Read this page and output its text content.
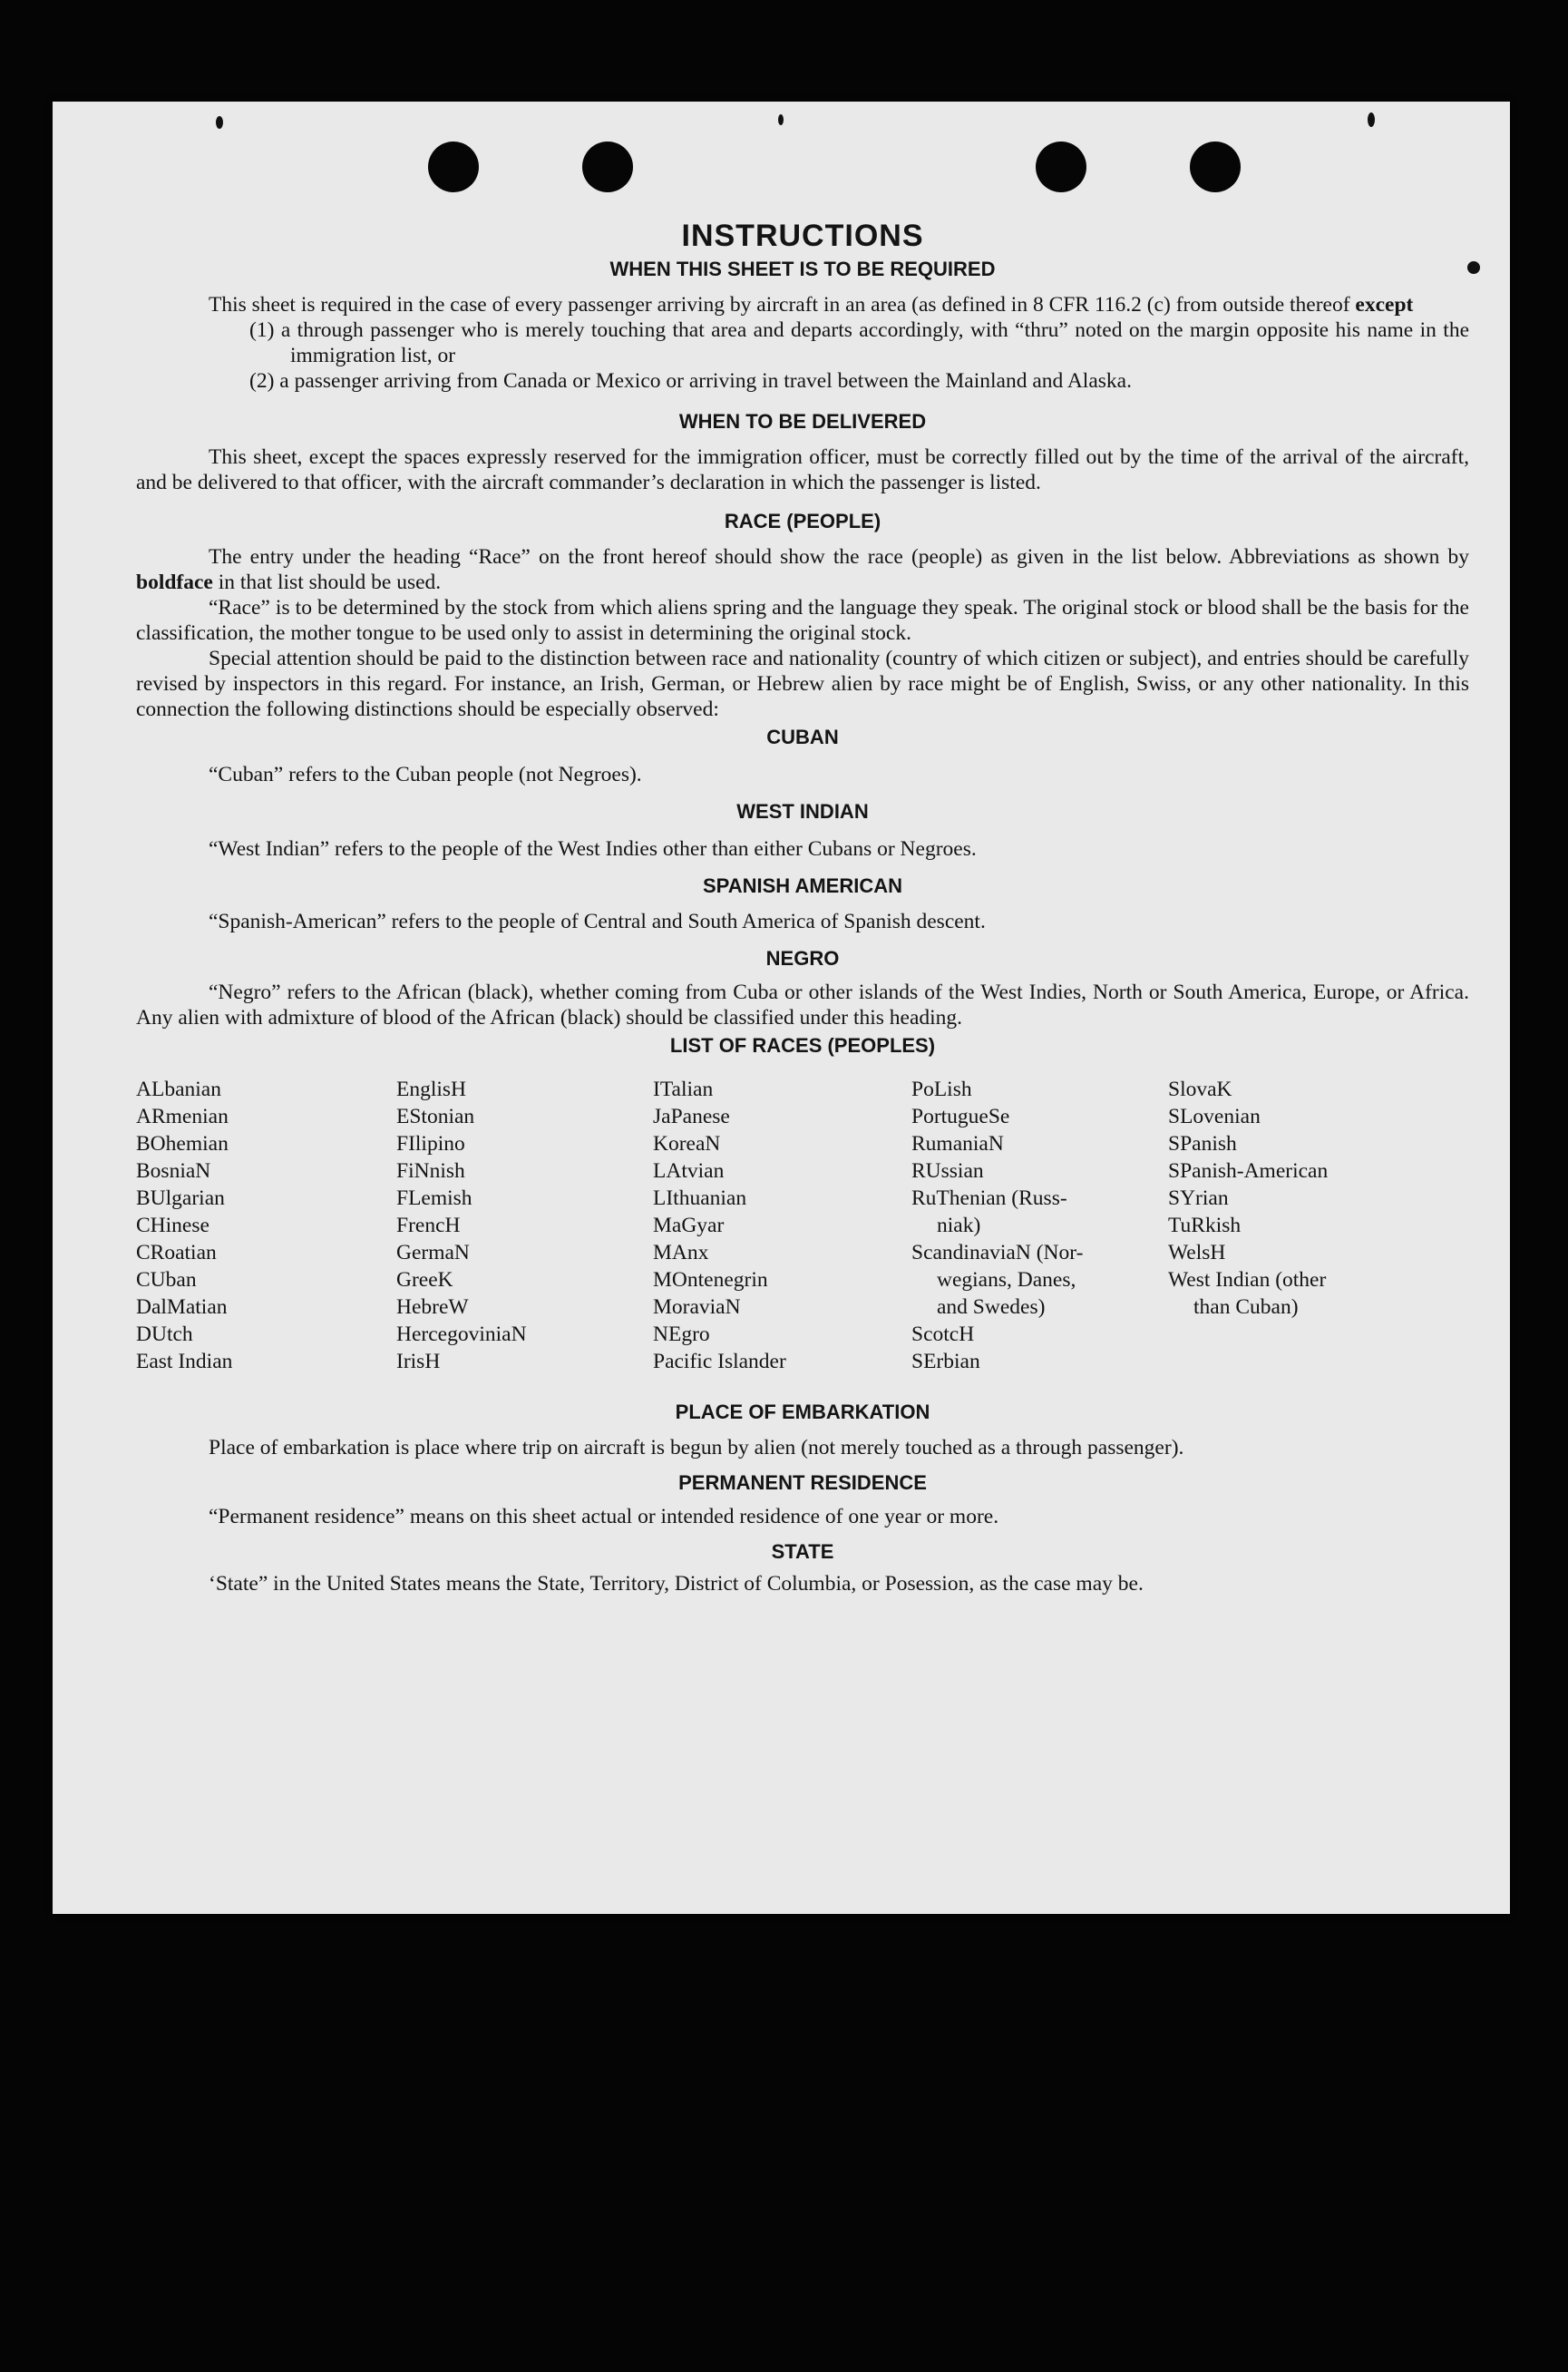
INSTRUCTIONS
WHEN THIS SHEET IS TO BE REQUIRED

This sheet is required in the case of every passenger arriving by aircraft in an area (as defined in 8 CFR 116.2 (c) from outside thereof except

(1) a through passenger who is merely touching that area and departs accordingly, with “thru” noted on the margin opposite his name in the immigration list, or

(2) a passenger arriving from Canada or Mexico or arriving in travel between the Mainland and Alaska.

WHEN TO BE DELIVERED

This sheet, except the spaces expressly reserved for the immigration officer, must be correctly filled out by the time of the arrival of the aircraft, and be delivered to that officer, with the aircraft commander’s declaration in which the passenger is listed.

RACE (PEOPLE)

The entry under the heading “Race” on the front hereof should show the race (people) as given in the list below. Abbreviations as shown by boldface in that list should be used.

“Race” is to be determined by the stock from which aliens spring and the language they speak. The original stock or blood shall be the basis for the classification, the mother tongue to be used only to assist in determining the original stock.

Special attention should be paid to the distinction between race and nationality (country of which citizen or subject), and entries should be carefully revised by inspectors in this regard. For instance, an Irish, German, or Hebrew alien by race might be of English, Swiss, or any other nationality. In this connection the following distinctions should be especially observed:

CUBAN

“Cuban” refers to the Cuban people (not Negroes).

WEST INDIAN

“West Indian” refers to the people of the West Indies other than either Cubans or Negroes.

SPANISH AMERICAN

“Spanish-American” refers to the people of Central and South America of Spanish descent.

NEGRO

“Negro” refers to the African (black), whether coming from Cuba or other islands of the West Indies, North or South America, Europe, or Africa. Any alien with admixture of blood of the African (black) should be classified under this heading.

LIST OF RACES (PEOPLES)
ALbanian
ARmenian
BOhemian
BosniaN
BUlgarian
CHinese
CRoatian
CUban
DalMatian
DUtch
East Indian
EnglisH
EStonian
FIlipino
FiNnish
FLemish
FrencH
GermaN
GreeK
HebreW
HercegoviniaN
IrisH
ITalian
JaPanese
KoreaN
LAtvian
LIthuanian
MaGyar
MAnx
MOntenegrin
MoraviaN
NEgro
Pacific Islander
PoLish
PortugueSe
RumaniaN
RUssian
RuThenian (Russ-
niak)
ScandinaviaN (Nor-
wegians, Danes,
and Swedes)
ScotcH
SErbian
SlovaK
SLovenian
SPanish
SPanish-American
SYrian
TuRkish
WelsH
West Indian (other
than Cuban)
PLACE OF EMBARKATION

Place of embarkation is place where trip on aircraft is begun by alien (not merely touched as a through passenger).

PERMANENT RESIDENCE

“Permanent residence” means on this sheet actual or intended residence of one year or more.

STATE

‘State” in the United States means the State, Territory, District of Columbia, or Posession, as the case may be.
